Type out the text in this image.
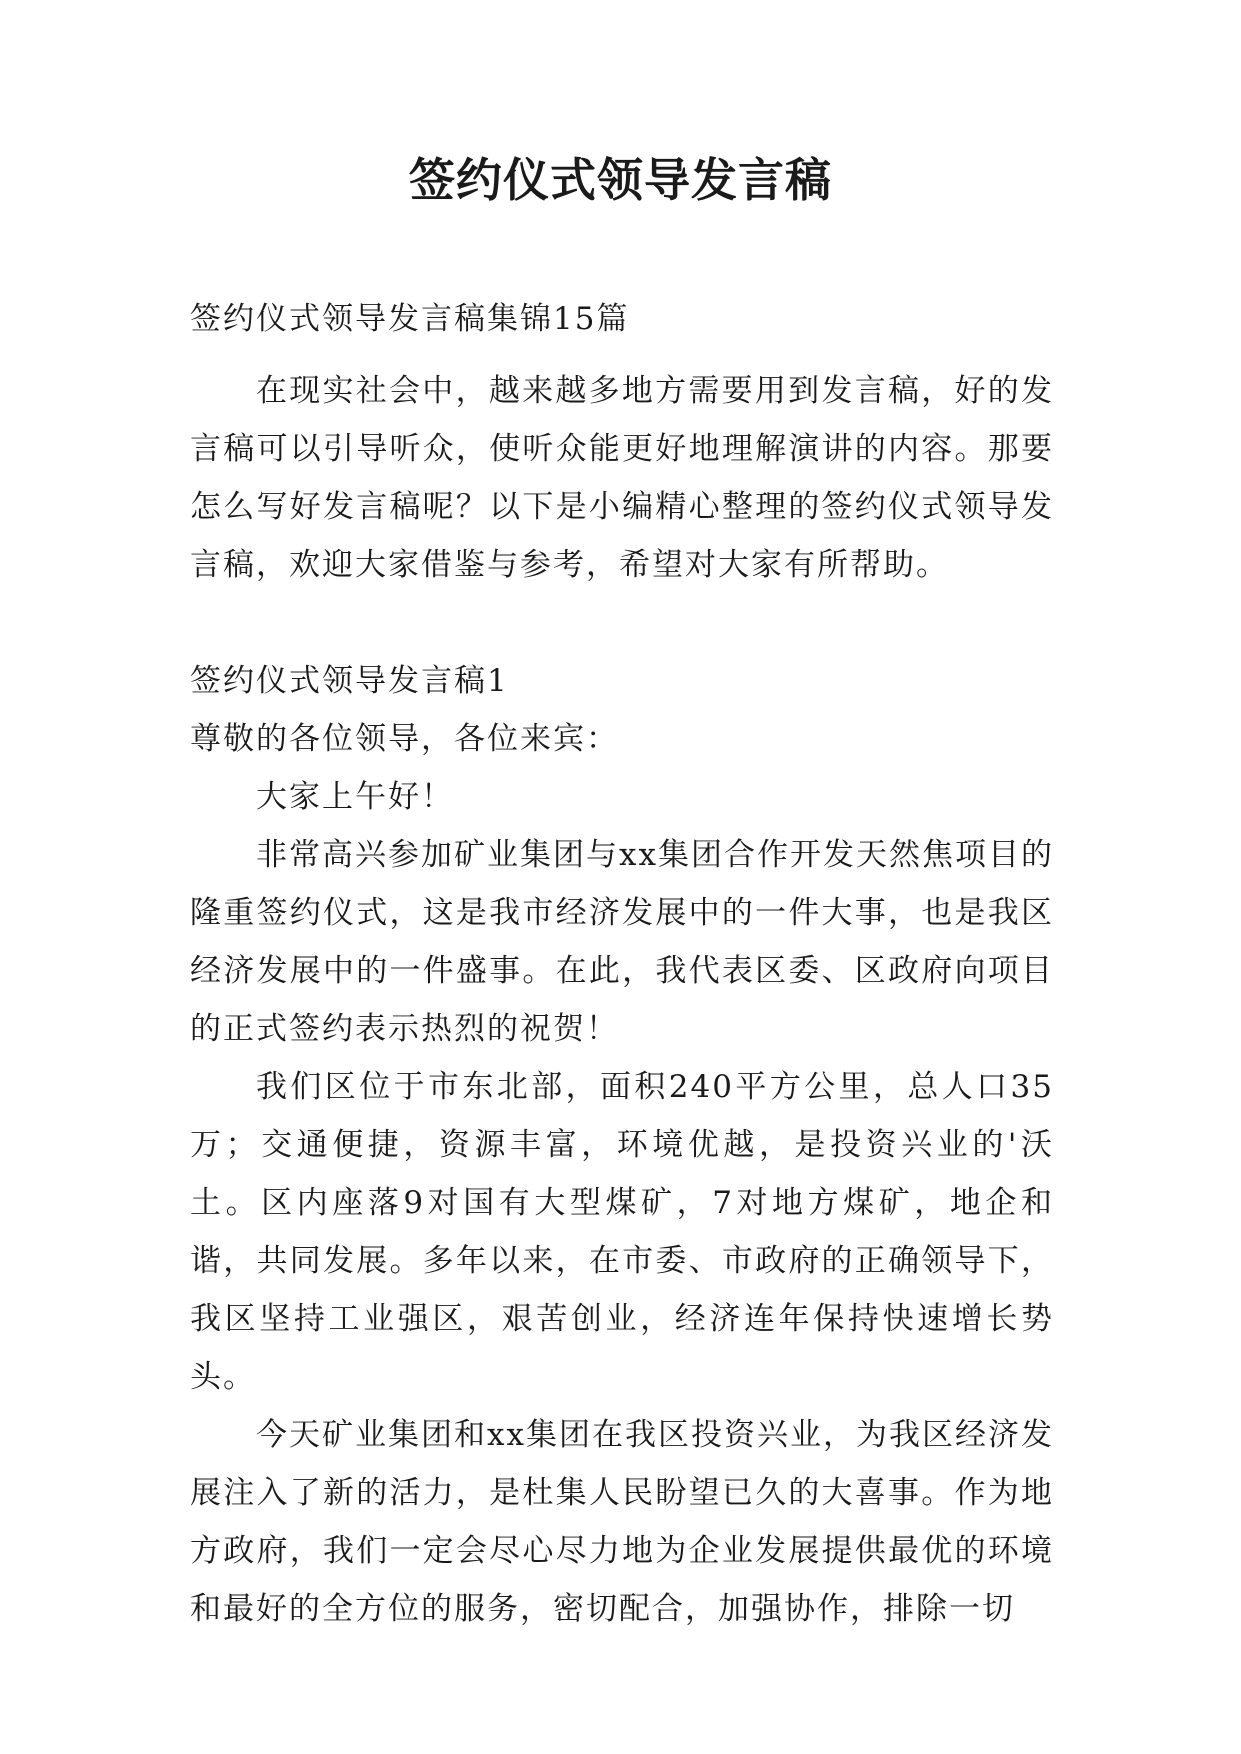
签约仪式领导发言稿

签约仪式领导发言稿集锦15篇

在现实社会中，越来越多地方需要用到发言稿，好的发言稿可以引导听众，使听众能更好地理解演讲的内容。那要怎么写好发言稿呢？以下是小编精心整理的签约仪式领导发言稿，欢迎大家借鉴与参考，希望对大家有所帮助。

签约仪式领导发言稿1

尊敬的各位领导，各位来宾：

大家上午好！

非常高兴参加矿业集团与xx集团合作开发天然焦项目的隆重签约仪式，这是我市经济发展中的一件大事，也是我区经济发展中的一件盛事。在此，我代表区委、区政府向项目的正式签约表示热烈的祝贺！

我们区位于市东北部，面积240平方公里，总人口35万；交通便捷，资源丰富，环境优越，是投资兴业的'沃土。区内座落9对国有大型煤矿，7对地方煤矿，地企和谐，共同发展。多年以来，在市委、市政府的正确领导下，我区坚持工业强区，艰苦创业，经济连年保持快速增长势头。

今天矿业集团和xx集团在我区投资兴业，为我区经济发展注入了新的活力，是杜集人民盼望已久的大喜事。作为地方政府，我们一定会尽心尽力地为企业发展提供最优的环境和最好的全方位的服务，密切配合，加强协作，排除一切
